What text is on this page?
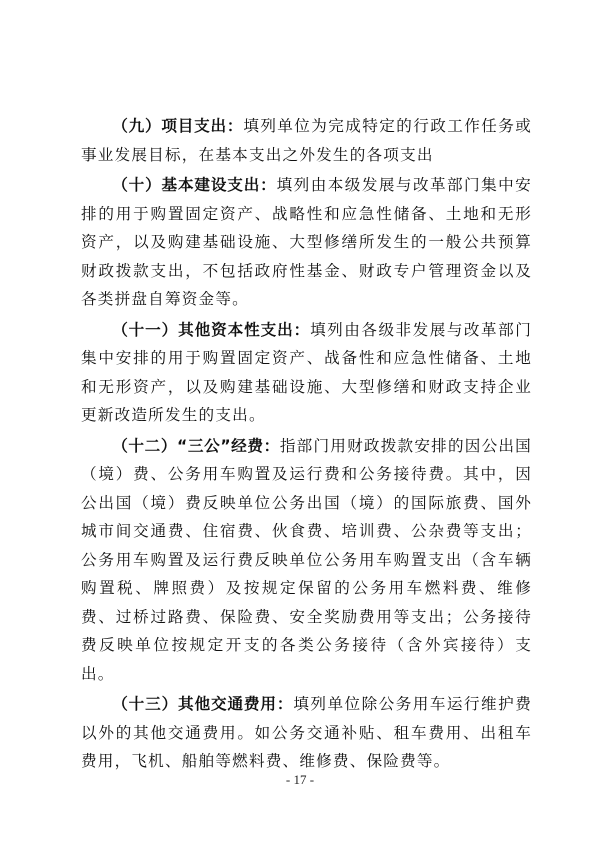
（九）项目支出：填列单位为完成特定的行政工作任务或事业发展目标，在基本支出之外发生的各项支出

（十）基本建设支出：填列由本级发展与改革部门集中安排的用于购置固定资产、战略性和应急性储备、土地和无形资产，以及购建基础设施、大型修缮所发生的一般公共预算财政拨款支出，不包括政府性基金、财政专户管理资金以及各类拼盘自筹资金等。

（十一）其他资本性支出：填列由各级非发展与改革部门集中安排的用于购置固定资产、战备性和应急性储备、土地和无形资产，以及购建基础设施、大型修缮和财政支持企业更新改造所发生的支出。

（十二）“三公”经费：指部门用财政拨款安排的因公出国（境）费、公务用车购置及运行费和公务接待费。其中，因公出国（境）费反映单位公务出国（境）的国际旅费、国外城市间交通费、住宿费、伙食费、培训费、公杂费等支出；公务用车购置及运行费反映单位公务用车购置支出（含车辆购置税、牌照费）及按规定保留的公务用车燃料费、维修费、过桥过路费、保险费、安全奖励费用等支出；公务接待费反映单位按规定开支的各类公务接待（含外宾接待）支出。

（十三）其他交通费用：填列单位除公务用车运行维护费以外的其他交通费用。如公务交通补贴、租车费用、出租车费用，飞机、船舶等燃料费、维修费、保险费等。

- 17 -
